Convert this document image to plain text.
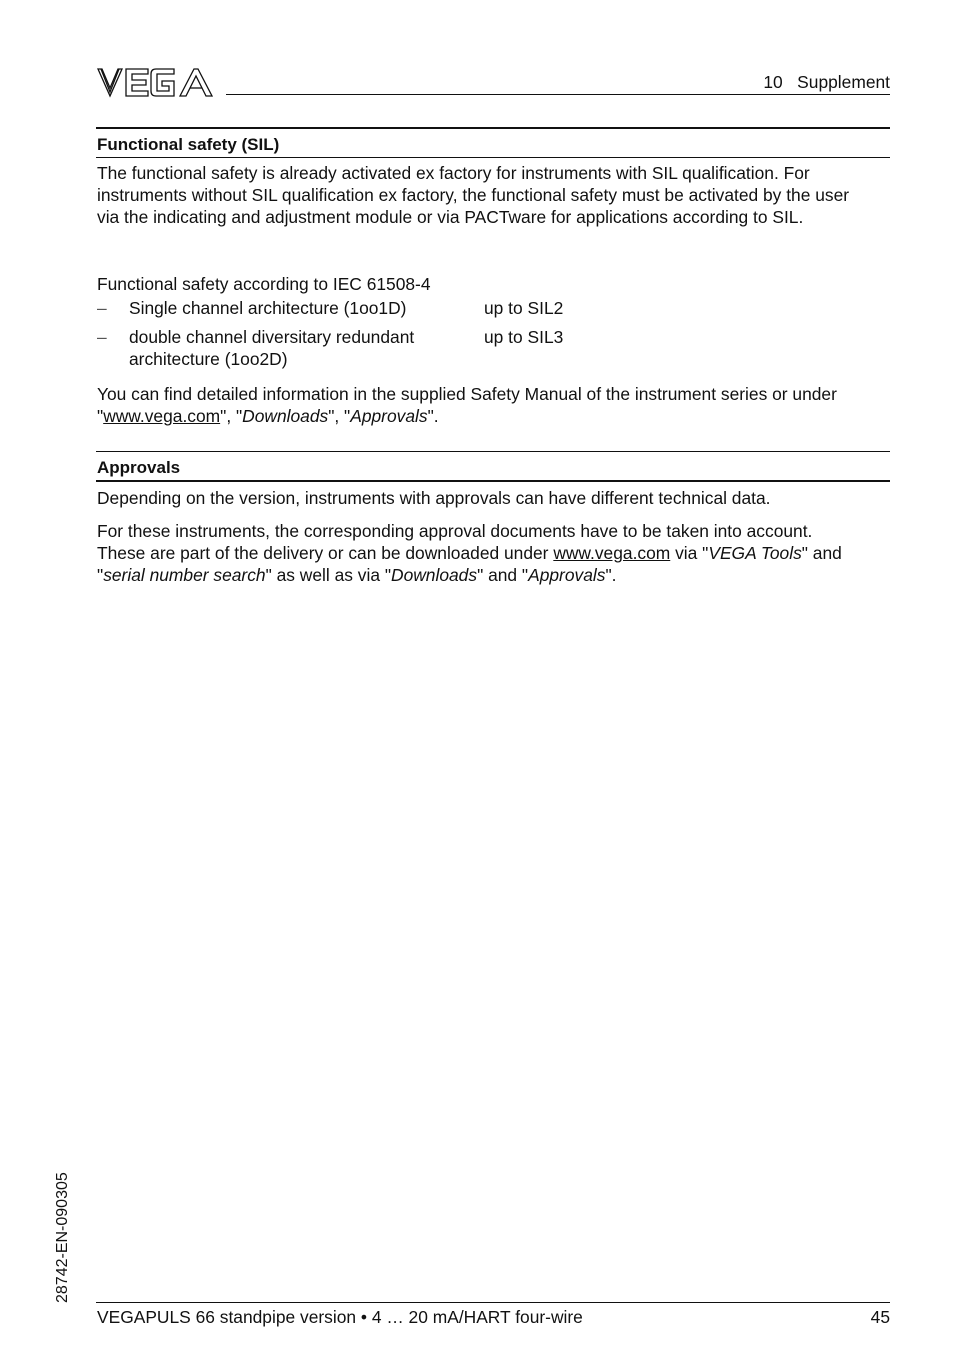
10   Supplement
Functional safety (SIL)
The functional safety is already activated ex factory for instruments with SIL qualification. For
instruments without SIL qualification ex factory, the functional safety must be activated by the user
via the indicating and adjustment module or via PACTware for applications according to SIL.
Functional safety according to IEC 61508-4
– Single channel architecture (1oo1D)	up to SIL2
– double channel diversitary redundant
architecture (1oo2D)
up to SIL3
You can find detailed information in the supplied Safety Manual of the instrument series or under
"www.vega.com", "Downloads", "Approvals".
Approvals
Depending on the version, instruments with approvals can have different technical data.
For these instruments, the corresponding approval documents have to be taken into account.
These are part of the delivery or can be downloaded under www.vega.com via "VEGA Tools" and
"serial number search" as well as via "Downloads" and "Approvals".
28742-EN-090305
VEGAPULS 66 standpipe version • 4 … 20 mA/HART four-wire	45
